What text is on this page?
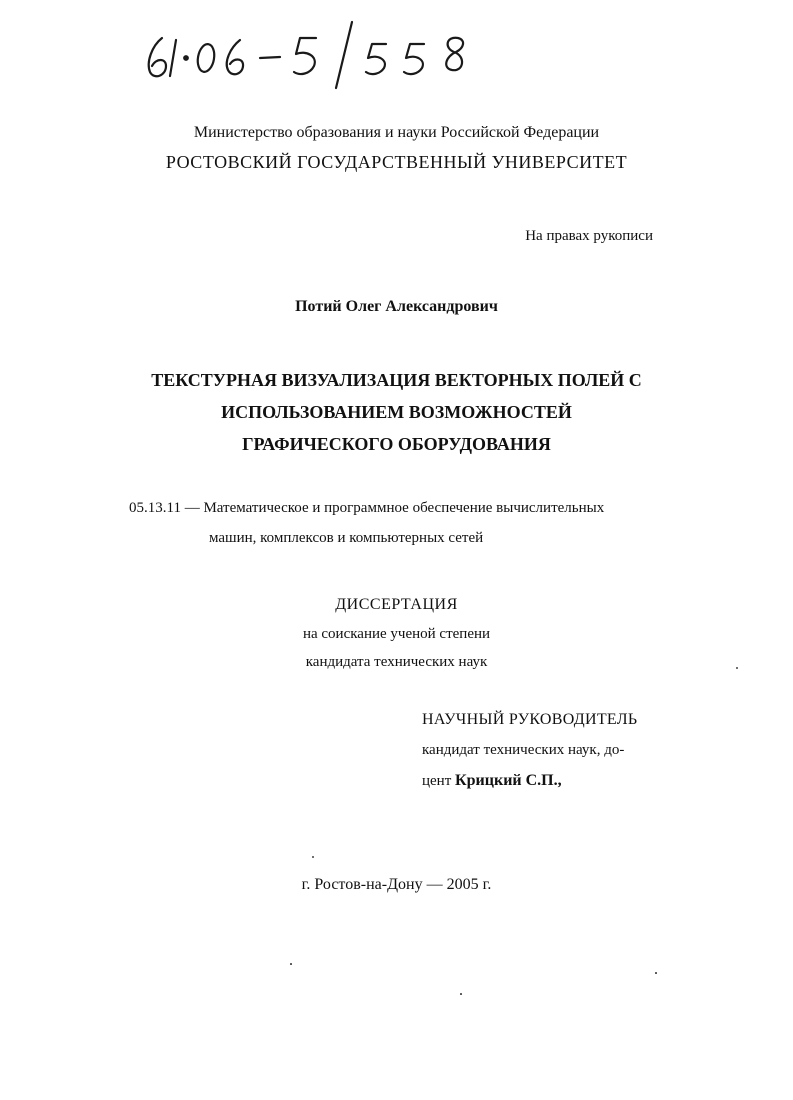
Министерство образования и науки Российской Федерации
РОСТОВСКИЙ ГОСУДАРСТВЕННЫЙ УНИВЕРСИТЕТ
На правах рукописи
Потий Олег Александрович
ТЕКСТУРНАЯ ВИЗУАЛИЗАЦИЯ ВЕКТОРНЫХ ПОЛЕЙ С
ИСПОЛЬЗОВАНИЕМ ВОЗМОЖНОСТЕЙ
ГРАФИЧЕСКОГО ОБОРУДОВАНИЯ
05.13.11 — Математическое и программное обеспечение вычислительных
машин, комплексов и компьютерных сетей
ДИССЕРТАЦИЯ
на соискание ученой степени
кандидата технических наук
НАУЧНЫЙ РУКОВОДИТЕЛЬ
кандидат технических наук, до-
цент Крицкий С.П.,
г. Ростов-на-Дону — 2005 г.
